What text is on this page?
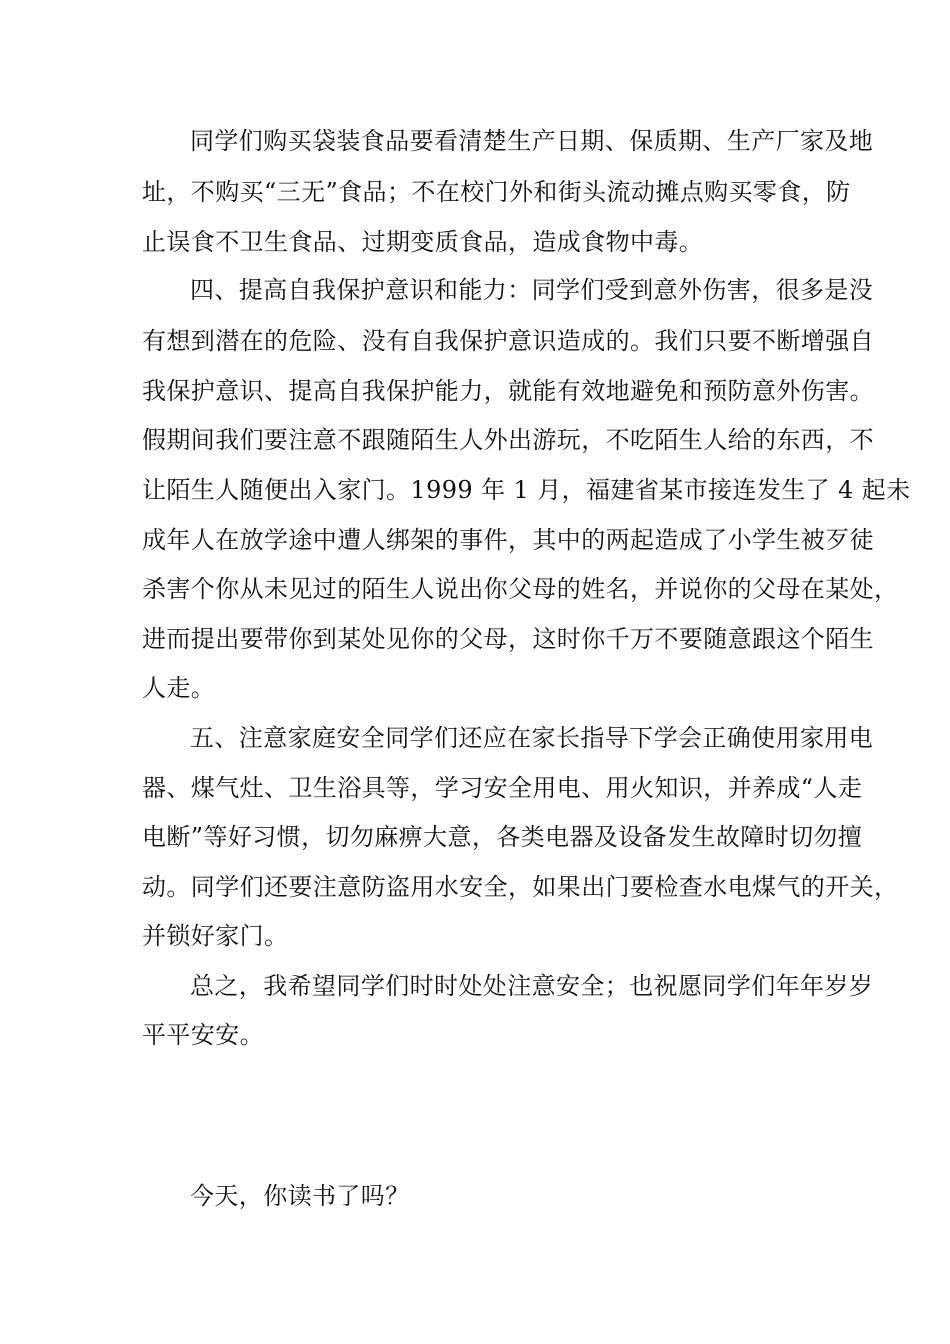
同学们购买袋装食品要看清楚生产日期、保质期、生产厂家及地
址，不购买“三无”食品；不在校门外和街头流动摊点购买零食，防
止误食不卫生食品、过期变质食品，造成食物中毒。
四、提高自我保护意识和能力：同学们受到意外伤害，很多是没
有想到潜在的危险、没有自我保护意识造成的。我们只要不断增强自
我保护意识、提高自我保护能力，就能有效地避免和预防意外伤害。
假期间我们要注意不跟随陌生人外出游玩，不吃陌生人给的东西，不
让陌生人随便出入家门。1999 年 1 月，福建省某市接连发生了 4 起未
成年人在放学途中遭人绑架的事件，其中的两起造成了小学生被歹徒
杀害个你从未见过的陌生人说出你父母的姓名，并说你的父母在某处，
进而提出要带你到某处见你的父母，这时你千万不要随意跟这个陌生
人走。
五、注意家庭安全同学们还应在家长指导下学会正确使用家用电
器、煤气灶、卫生浴具等，学习安全用电、用火知识，并养成“人走
电断”等好习惯，切勿麻痹大意，各类电器及设备发生故障时切勿擅
动。同学们还要注意防盗用水安全，如果出门要检查水电煤气的开关，
并锁好家门。
总之，我希望同学们时时处处注意安全；也祝愿同学们年年岁岁
平平安安。
今天，你读书了吗？
